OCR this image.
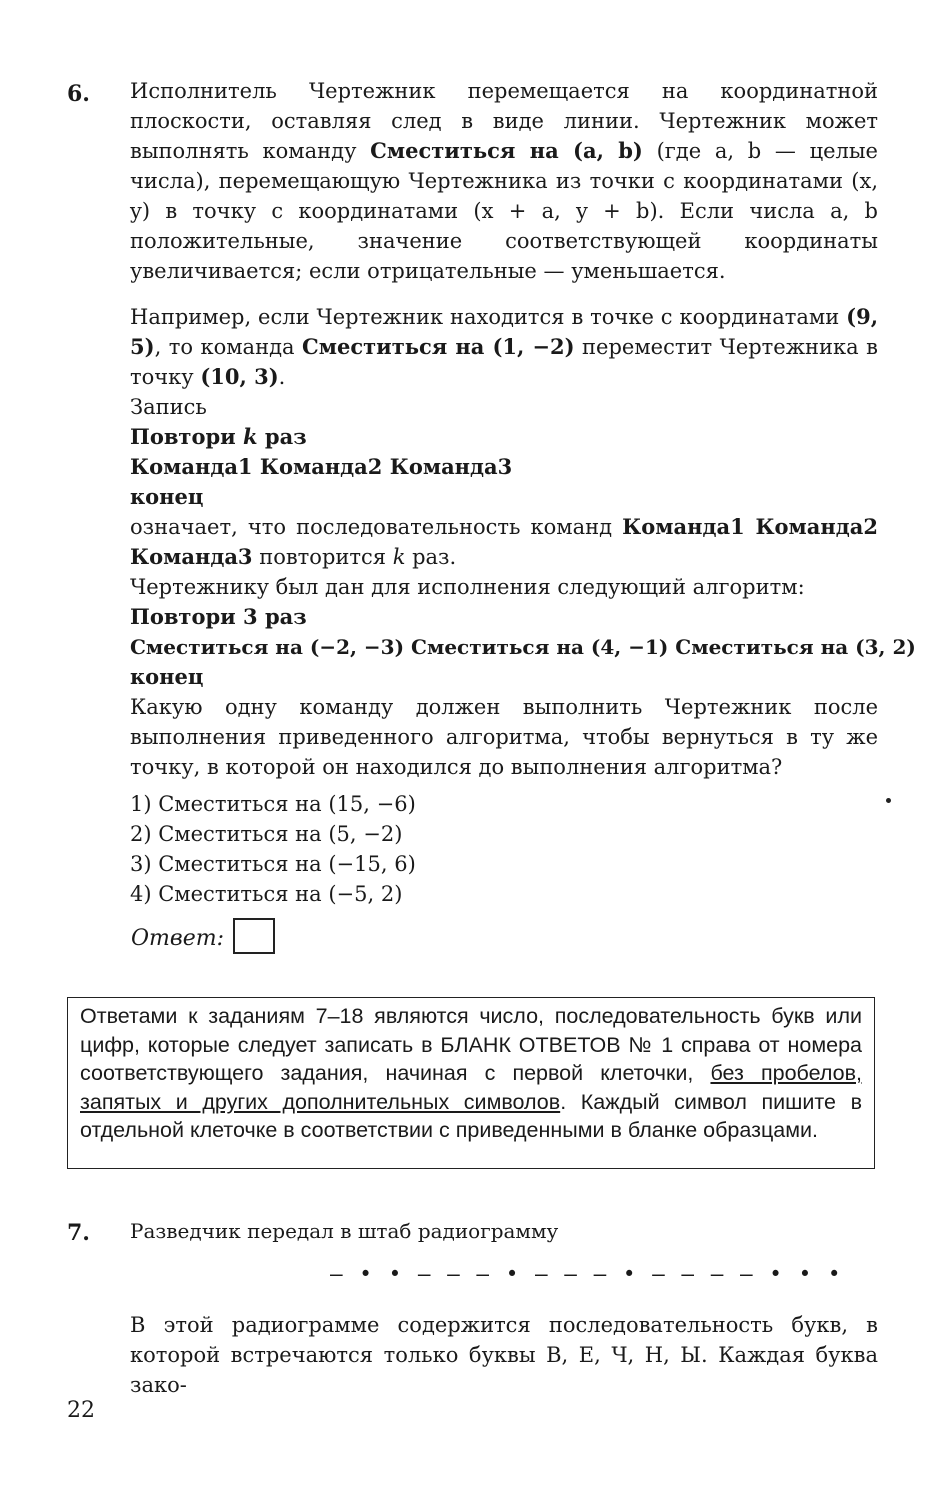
6. Исполнитель Чертежник перемещается на координатной плоскости, оставляя след в виде линии. Чертежник может выполнять команду Сместиться на (a, b) (где a, b — целые числа), перемещающую Чертежника из точки с координатами (x, y) в точку с координатами (x + a, y + b). Если числа a, b положительные, значение соответствующей координаты увеличивается; если отрицательные — уменьшается.
Например, если Чертежник находится в точке с координатами (9, 5), то команда Сместиться на (1, −2) переместит Чертежника в точку (10, 3).
Запись
Повтори k раз
Команда1 Команда2 Команда3
конец
означает, что последовательность команд Команда1 Команда2 Команда3 повторится k раз.
Чертежнику был дан для исполнения следующий алгоритм:
Повтори 3 раз
Сместиться на (−2, −3) Сместиться на (4, −1) Сместиться на (3, 2)
конец
Какую одну команду должен выполнить Чертежник после выполнения приведенного алгоритма, чтобы вернуться в ту же точку, в которой он находился до выполнения алгоритма?
1) Сместиться на (15, −6)
2) Сместиться на (5, −2)
3) Сместиться на (−15, 6)
4) Сместиться на (−5, 2)
Ответ:
Ответами к заданиям 7–18 являются число, последовательность букв или цифр, которые следует записать в БЛАНК ОТВЕТОВ № 1 справа от номера соответствующего задания, начиная с первой клеточки, без пробелов, запятых и других дополнительных символов. Каждый символ пишите в отдельной клеточке в соответствии с приведенными в бланке образцами.
7. Разведчик передал в штаб радиограмму
– • • – – – • – – – • – – – – • • •
В этой радиограмме содержится последовательность букв, в которой встречаются только буквы В, Е, Ч, Н, Ы. Каждая буква зако-
22
